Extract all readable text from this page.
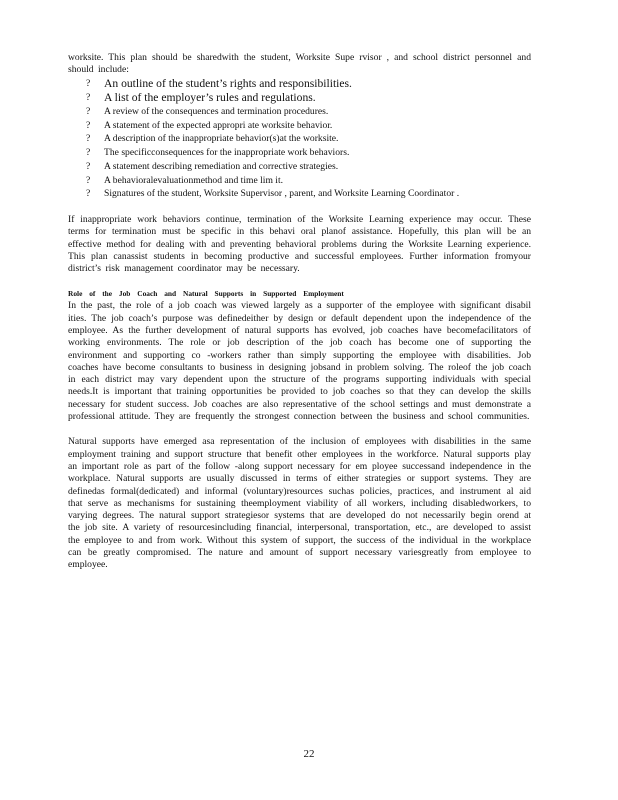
worksite. This plan should be sharedwith the student, Worksite Supe rvisor , and school district personnel and should include:

? An outline of the student’s rights and responsibilities.
? A list of the employer’s rules and regulations.
? A review of the consequences and termination procedures.
? A statement of the expected appropri ate worksite behavior.
? A description of the inappropriate behavior(s)at the worksite.
? The specificconsequences for the inappropriate work behaviors.
? A statement describing remediation and corrective strategies.
? A behavioralevaluationmethod and time lim it.
? Signatures of the student, Worksite Supervisor , parent, and Worksite Learning Coordinator .

If inappropriate work behaviors continue, termination of the Worksite Learning experience may occur. These terms for termination must be specific in this behavi oral planof assistance. Hopefully, this plan will be an effective method for dealing with and preventing behavioral problems during the Worksite Learning experience. This plan canassist students in becoming productive and successful employees. Further information fromyour district’s risk management coordinator may be necessary.

Role of the Job Coach and Natural Supports in Supported Employment

In the past, the role of a job coach was viewed largely as a supporter of the employee with significant disabil ities. The job coach’s purpose was definedeither by design or default dependent upon the independence of the employee. As the further development of natural supports has evolved, job coaches have becomefacilitators of working environments. The role or job description of the job coach has become one of supporting the environment and supporting co -workers rather than simply supporting the employee with disabilities. Job coaches have become consultants to business in designing jobsand in problem solving. The roleof the job coach in each district may vary dependent upon the structure of the programs supporting individuals with special needs.It is important that training opportunities be provided to job coaches so that they can develop the skills necessary for student success. Job coaches are also representative of the school settings and must demonstrate a professional attitude. They are frequently the strongest connection between the business and school communities.

Natural supports have emerged asa representation of the inclusion of employees with disabilities in the same employment training and support structure that benefit other employees in the workforce. Natural supports play an important role as part of the follow -along support necessary for em ployee successand independence in the workplace. Natural supports are usually discussed in terms of either strategies or support systems. They are definedas formal(dedicated) and informal (voluntary)resources suchas policies, practices, and instrument al aid that serve as mechanisms for sustaining theemployment viability of all workers, including disabledworkers, to varying degrees. The natural support strategiesor systems that are developed do not necessarily begin orend at the job site. A variety of resourcesincluding financial, interpersonal, transportation, etc., are developed to assist the employee to and from work. Without this system of support, the success of the individual in the workplace can be greatly compromised. The nature and amount of support necessary variesgreatly from employee to employee.

22
